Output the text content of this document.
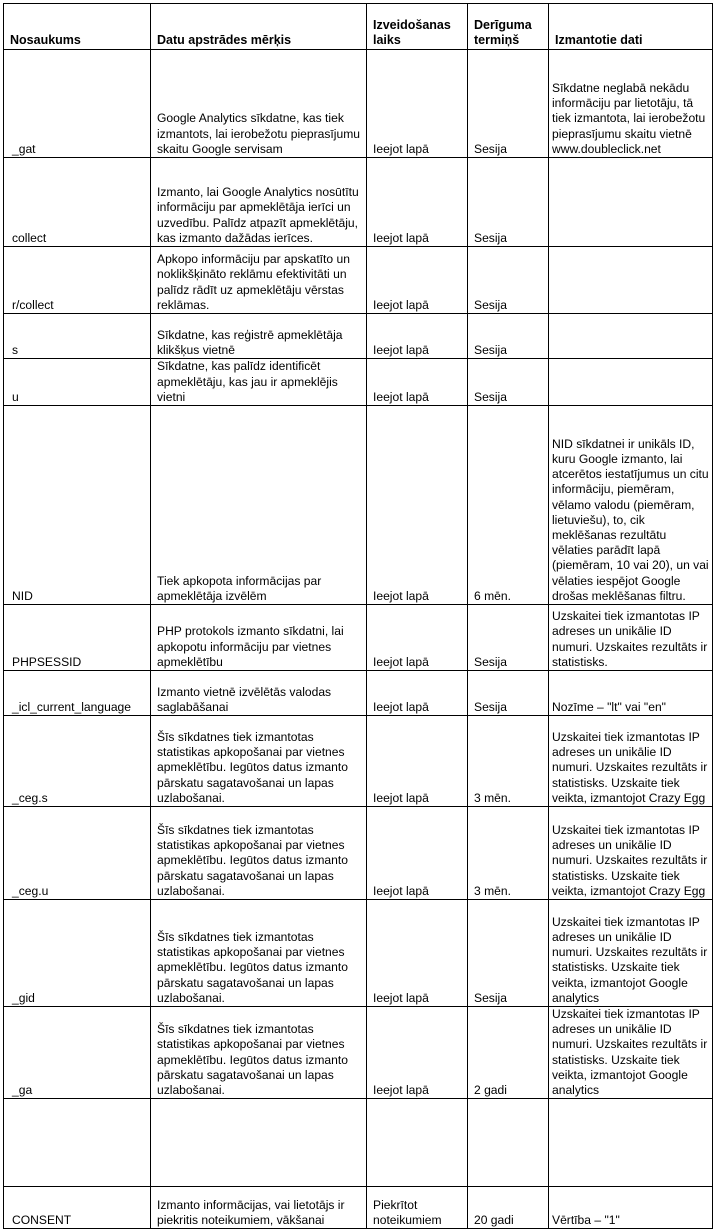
Nosaukums	Datu apstrādes mērķis	Izveidošanas laiks	Derīguma termiņš	Izmantotie dati
_gat	Google Analytics sīkdatne, kas tiek izmantots, lai ierobežotu pieprasījumu skaitu Google servisam	Ieejot lapā	Sesija	Sīkdatne neglabā nekādu informāciju par lietotāju, tā tiek izmantota, lai ierobežotu pieprasījumu skaitu vietnē www.doubleclick.net
collect	Izmanto, lai Google Analytics nosūtītu informāciju par apmeklētāja ierīci un uzvedību. Palīdz atpazīt apmeklētāju, kas izmanto dažādas ierīces.	Ieejot lapā	Sesija	
r/collect	Apkopo informāciju par apskatīto un noklikšķināto reklāmu efektivitāti un palīdz rādīt uz apmeklētāju vērstas reklāmas.	Ieejot lapā	Sesija	
s	Sīkdatne, kas reģistrē apmeklētāja klikšķus vietnē	Ieejot lapā	Sesija	
u	Sīkdatne, kas palīdz identificēt apmeklētāju, kas jau ir apmeklējis vietni	Ieejot lapā	Sesija	
NID	Tiek apkopota informācijas par apmeklētāja izvēlēm	Ieejot lapā	6 mēn.	NID sīkdatnei ir unikāls ID, kuru Google izmanto, lai atcerētos iestatījumus un citu informāciju, piemēram, vēlamo valodu (piemēram, lietuviešu), to, cik meklēšanas rezultātu vēlaties parādīt lapā (piemēram, 10 vai 20), un vai vēlaties iespējot Google drošas meklēšanas filtru.
PHPSESSID	PHP protokols izmanto sīkdatni, lai apkopotu informāciju par vietnes apmeklētību	Ieejot lapā	Sesija	Uzskaitei tiek izmantotas IP adreses un unikālie ID numuri. Uzskaites rezultāts ir statistisks.
_icl_current_language	Izmanto vietnē izvēlētās valodas saglabāšanai	Ieejot lapā	Sesija	Nozīme – "lt" vai "en"
_ceg.s	Šīs sīkdatnes tiek izmantotas statistikas apkopošanai par vietnes apmeklētību. Iegūtos datus izmanto pārskatu sagatavošanai un lapas uzlabošanai.	Ieejot lapā	3 mēn.	Uzskaitei tiek izmantotas IP adreses un unikālie ID numuri. Uzskaites rezultāts ir statistisks. Uzskaite tiek veikta, izmantojot Crazy Egg
_ceg.u	Šīs sīkdatnes tiek izmantotas statistikas apkopošanai par vietnes apmeklētību. Iegūtos datus izmanto pārskatu sagatavošanai un lapas uzlabošanai.	Ieejot lapā	3 mēn.	Uzskaitei tiek izmantotas IP adreses un unikālie ID numuri. Uzskaites rezultāts ir statistisks. Uzskaite tiek veikta, izmantojot Crazy Egg
_gid	Šīs sīkdatnes tiek izmantotas statistikas apkopošanai par vietnes apmeklētību. Iegūtos datus izmanto pārskatu sagatavošanai un lapas uzlabošanai.	Ieejot lapā	Sesija	Uzskaitei tiek izmantotas IP adreses un unikālie ID numuri. Uzskaites rezultāts ir statistisks. Uzskaite tiek veikta, izmantojot Google analytics
_ga	Šīs sīkdatnes tiek izmantotas statistikas apkopošanai par vietnes apmeklētību. Iegūtos datus izmanto pārskatu sagatavošanai un lapas uzlabošanai.	Ieejot lapā	2 gadi	Uzskaitei tiek izmantotas IP adreses un unikālie ID numuri. Uzskaites rezultāts ir statistisks. Uzskaite tiek veikta, izmantojot Google analytics

CONSENT	Izmanto informācijas, vai lietotājs ir piekritis noteikumiem, vākšanai	Piekrītot noteikumiem	20 gadi	Vērtība – "1"
